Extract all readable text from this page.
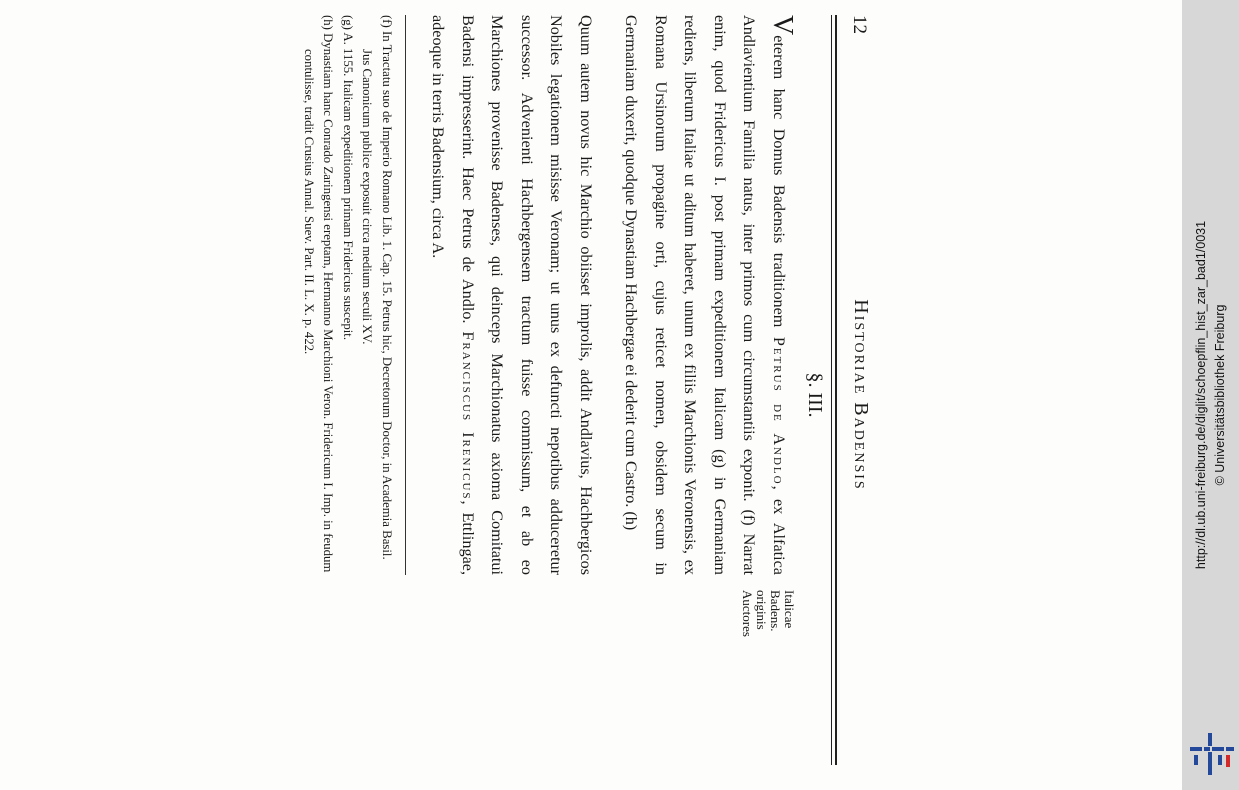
12
Historiae Badensis
§. III.
Veterem hanc Domus Badensis traditionem Petrus de Andlo, ex Alfatica Andlavientium Familia natus, inter primos cum circumstantiis exponit. (f) Narrat enim, quod Fridericus I. post primam expeditionem Italicam (g) in Germaniam rediens, liberum Italiae ut aditum haberet, unum ex filiis Marchionis Veronensis, ex Romana Ursinorum propagine orti, cujus reticet nomen, obsidem secum in Germaniam duxerit, quodque Dynastiam Hachbergae ei dederit cum Castro. (h)
Quum autem novus hic Marchio obiisset improlis, addit Andlavius, Hachbergicos Nobiles legationem misisse Veronam; ut unus ex defuncti nepotibus adduceretur successor. Advenienti Hachbergensem tractum fuisse commissum, et ab eo Marchiones provenisse Badenses, qui deinceps Marchionatus axioma Comitatui Badensi impresserint. Haec Petrus de Andlo. Franciscus Irenicus, Ettlingae, adeoque in terris Badensium, circa A.

(f) In Tractatu suo de Imperio Romano Lib. 1. Cap. 15. Petrus hic, Decretorum Doctor, in Academia Basil. Jus Canonicum publice exposuit circa medium seculi XV.

(g) A. 1155. Italicam expeditionem primam Fridericus suscepit.

(h) Dynastiam hanc Conrado Zaringensi ereptam, Hermanno Marchioni Veron. Fridericum I. Imp. in feudum contulisse, tradit Crusius Annal. Suev. Part. II. L. X. p. 422.

Italicae
Badens.
originis
Auctores
http://dl.ub.uni-freiburg.de/diglit/schoepflin_hist_zar_bad1/0031 © Universitätsbibliothek Freiburg
